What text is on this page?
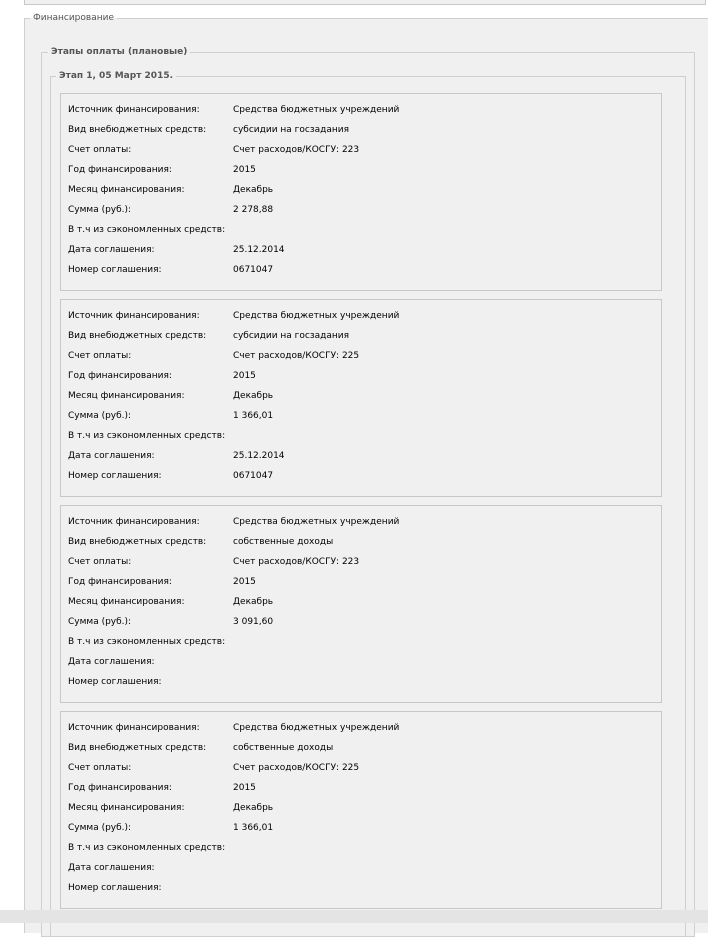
Финансирование
Этапы оплаты (плановые)
Этап 1, 05 Март 2015.
Источник финансирования:	Средства бюджетных учреждений
Вид внебюджетных средств:	субсидии на госзадания
Счет оплаты:	Счет расходов/КОСГУ: 223
Год финансирования:	2015
Месяц финансирования:	Декабрь
Сумма (руб.):	2 278,88
В т.ч из сэкономленных средств:
Дата соглашения:	25.12.2014
Номер соглашения:	0671047
Источник финансирования:	Средства бюджетных учреждений
Вид внебюджетных средств:	субсидии на госзадания
Счет оплаты:	Счет расходов/КОСГУ: 225
Год финансирования:	2015
Месяц финансирования:	Декабрь
Сумма (руб.):	1 366,01
В т.ч из сэкономленных средств:
Дата соглашения:	25.12.2014
Номер соглашения:	0671047
Источник финансирования:	Средства бюджетных учреждений
Вид внебюджетных средств:	собственные доходы
Счет оплаты:	Счет расходов/КОСГУ: 223
Год финансирования:	2015
Месяц финансирования:	Декабрь
Сумма (руб.):	3 091,60
В т.ч из сэкономленных средств:
Дата соглашения:
Номер соглашения:
Источник финансирования:	Средства бюджетных учреждений
Вид внебюджетных средств:	собственные доходы
Счет оплаты:	Счет расходов/КОСГУ: 225
Год финансирования:	2015
Месяц финансирования:	Декабрь
Сумма (руб.):	1 366,01
В т.ч из сэкономленных средств:
Дата соглашения:
Номер соглашения:
